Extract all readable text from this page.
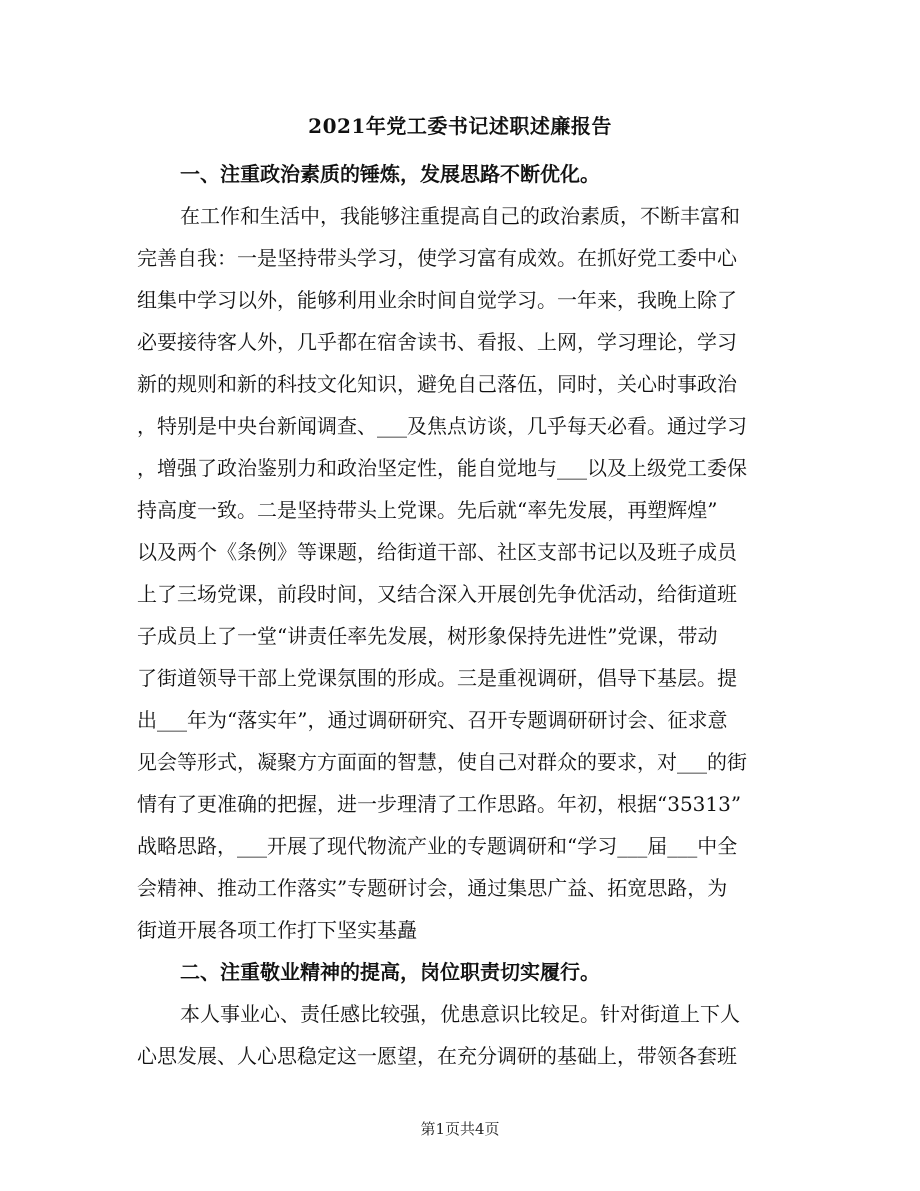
2021年党工委书记述职述廉报告
一、注重政治素质的锤炼，发展思路不断优化。
在工作和生活中，我能够注重提高自己的政治素质，不断丰富和
完善自我：一是坚持带头学习，使学习富有成效。在抓好党工委中心
组集中学习以外，能够利用业余时间自觉学习。一年来，我晚上除了
必要接待客人外，几乎都在宿舍读书、看报、上网，学习理论，学习
新的规则和新的科技文化知识，避免自己落伍，同时，关心时事政治
，特别是中央台新闻调查、___及焦点访谈，几乎每天必看。通过学习
，增强了政治鉴别力和政治坚定性，能自觉地与___以及上级党工委保
持高度一致。二是坚持带头上党课。先后就“率先发展，再塑辉煌”
以及两个《条例》等课题，给街道干部、社区支部书记以及班子成员
上了三场党课，前段时间，又结合深入开展创先争优活动，给街道班
子成员上了一堂“讲责任率先发展，树形象保持先进性”党课，带动
了街道领导干部上党课氛围的形成。三是重视调研，倡导下基层。提
出___年为“落实年”，通过调研研究、召开专题调研研讨会、征求意
见会等形式，凝聚方方面面的智慧，使自己对群众的要求，对___的街
情有了更准确的把握，进一步理清了工作思路。年初，根据“35313”
战略思路，___开展了现代物流产业的专题调研和“学习___届___中全
会精神、推动工作落实”专题研讨会，通过集思广益、拓宽思路，为
街道开展各项工作打下坚实基矗
二、注重敬业精神的提高，岗位职责切实履行。
本人事业心、责任感比较强，优患意识比较足。针对街道上下人
心思发展、人心思稳定这一愿望，在充分调研的基础上，带领各套班
第1页共4页
